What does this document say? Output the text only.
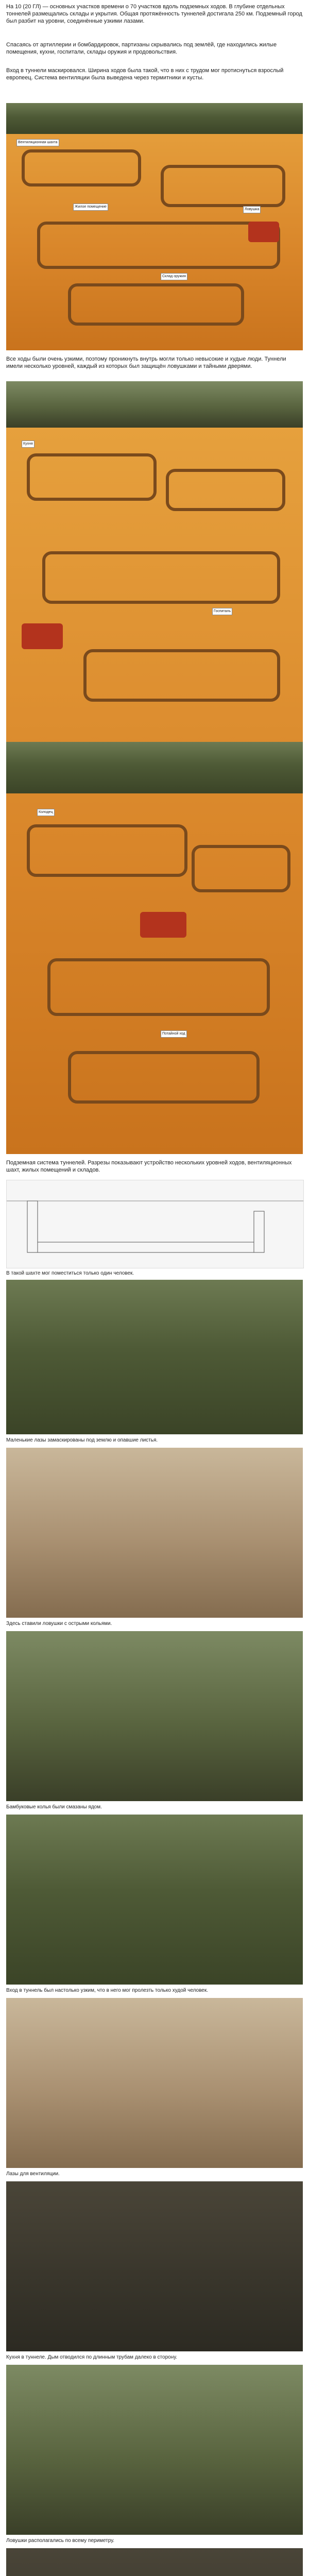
На 10 (20 ГЛ) — основных участков времени о 70 участков вдоль подземных ходов. В глубине отдельных тоннелей размещались склады и укрытия. Общая протяжённость туннелей достигала 250 км. Подземный город был разбит на уровни, соединённые узкими лазами.

Спасаясь от артиллерии и бомбардировок, партизаны скрывались под землёй, где находились жилые помещения, кухни, госпитали, склады оружия и продовольствия.

Вход в туннели маскировался. Ширина ходов была такой, что в них с трудом мог протиснуться взрослый европеец. Система вентиляции была выведена через термитники и кусты.

Вентиляционная шахта
Ловушка
Жилое помещение
Склад оружия

Все ходы были очень узкими, поэтому проникнуть внутрь могли только невысокие и худые люди. Туннели имели несколько уровней, каждый из которых был защищён ловушками и тайными дверями.

Кухня
Госпиталь
Колодец
Потайной ход

Подземная система туннелей. Разрезы показывают устройство нескольких уровней ходов, вентиляционных шахт, жилых помещений и складов.

В такой шахте мог поместиться только один человек.

Маленькие лазы замаскированы под землю и опавшие листья.

Здесь ставили ловушки с острыми кольями.

Бамбуковые колья были смазаны ядом.

Вход в туннель был настолько узким, что в него мог пролезть только худой человек.

Лазы для вентиляции.

Кухня в туннеле. Дым отводился по длинным трубам далеко в сторону.

Ловушки располагались по всему периметру.
